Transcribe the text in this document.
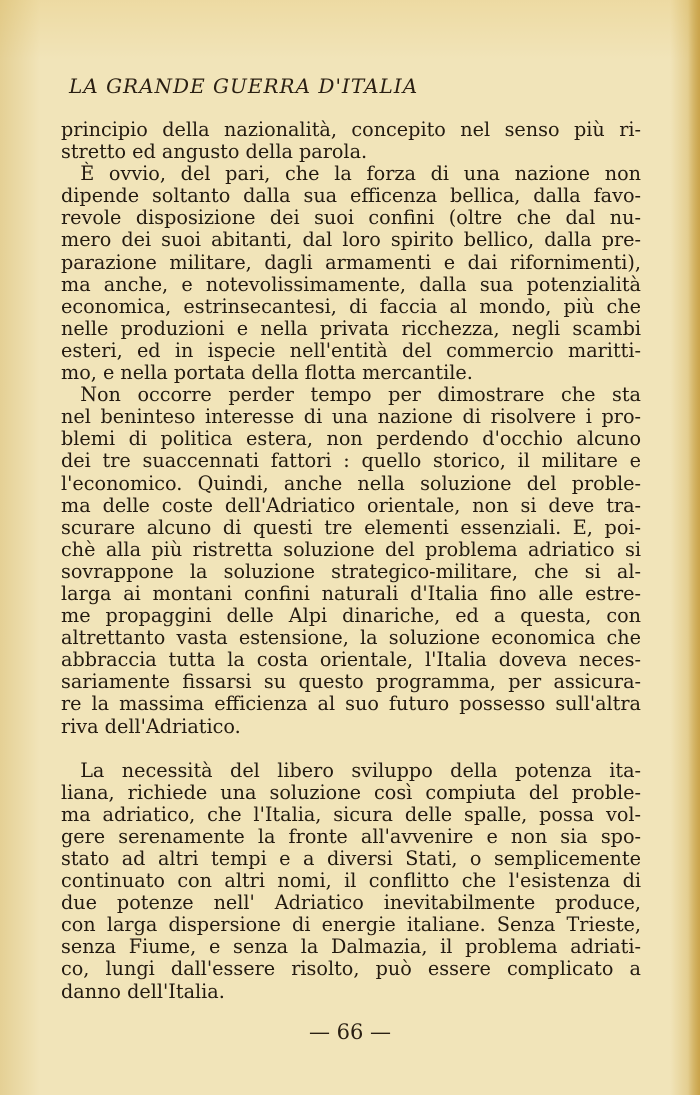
LA GRANDE GUERRA D'ITALIA
principio della nazionalità, concepito nel senso più ri-
stretto ed angusto della parola.
 È ovvio, del pari, che la forza di una nazione non
dipende soltanto dalla sua efficenza bellica, dalla favo-
revole disposizione dei suoi confini (oltre che dal nu-
mero dei suoi abitanti, dal loro spirito bellico, dalla pre-
parazione militare, dagli armamenti e dai rifornimenti),
ma anche, e notevolissimamente, dalla sua potenzialità
economica, estrinsecantesi, di faccia al mondo, più che
nelle produzioni e nella privata ricchezza, negli scambi
esteri, ed in ispecie nell'entità del commercio maritti-
mo, e nella portata della flotta mercantile.
 Non occorre perder tempo per dimostrare che sta
nel beninteso interesse di una nazione di risolvere i pro-
blemi di politica estera, non perdendo d'occhio alcuno
dei tre suaccennati fattori : quello storico, il militare e
l'economico. Quindi, anche nella soluzione del proble-
ma delle coste dell'Adriatico orientale, non si deve tra-
scurare alcuno di questi tre elementi essenziali. E, poi-
chè alla più ristretta soluzione del problema adriatico si
sovrappone la soluzione strategico-militare, che si al-
larga ai montani confini naturali d'Italia fino alle estre-
me propaggini delle Alpi dinariche, ed a questa, con
altrettanto vasta estensione, la soluzione economica che
abbraccia tutta la costa orientale, l'Italia doveva neces-
sariamente fissarsi su questo programma, per assicura-
re la massima efficienza al suo futuro possesso sull'altra
riva dell'Adriatico.
 La necessità del libero sviluppo della potenza ita-
liana, richiede una soluzione così compiuta del proble-
ma adriatico, che l'Italia, sicura delle spalle, possa vol-
gere serenamente la fronte all'avvenire e non sia spo-
stato ad altri tempi e a diversi Stati, o semplicemente
continuato con altri nomi, il conflitto che l'esistenza di
due potenze nell' Adriatico inevitabilmente produce,
con larga dispersione di energie italiane. Senza Trieste,
senza Fiume, e senza la Dalmazia, il problema adriati-
co, lungi dall'essere risolto, può essere complicato a
danno dell'Italia.
— 66 —
